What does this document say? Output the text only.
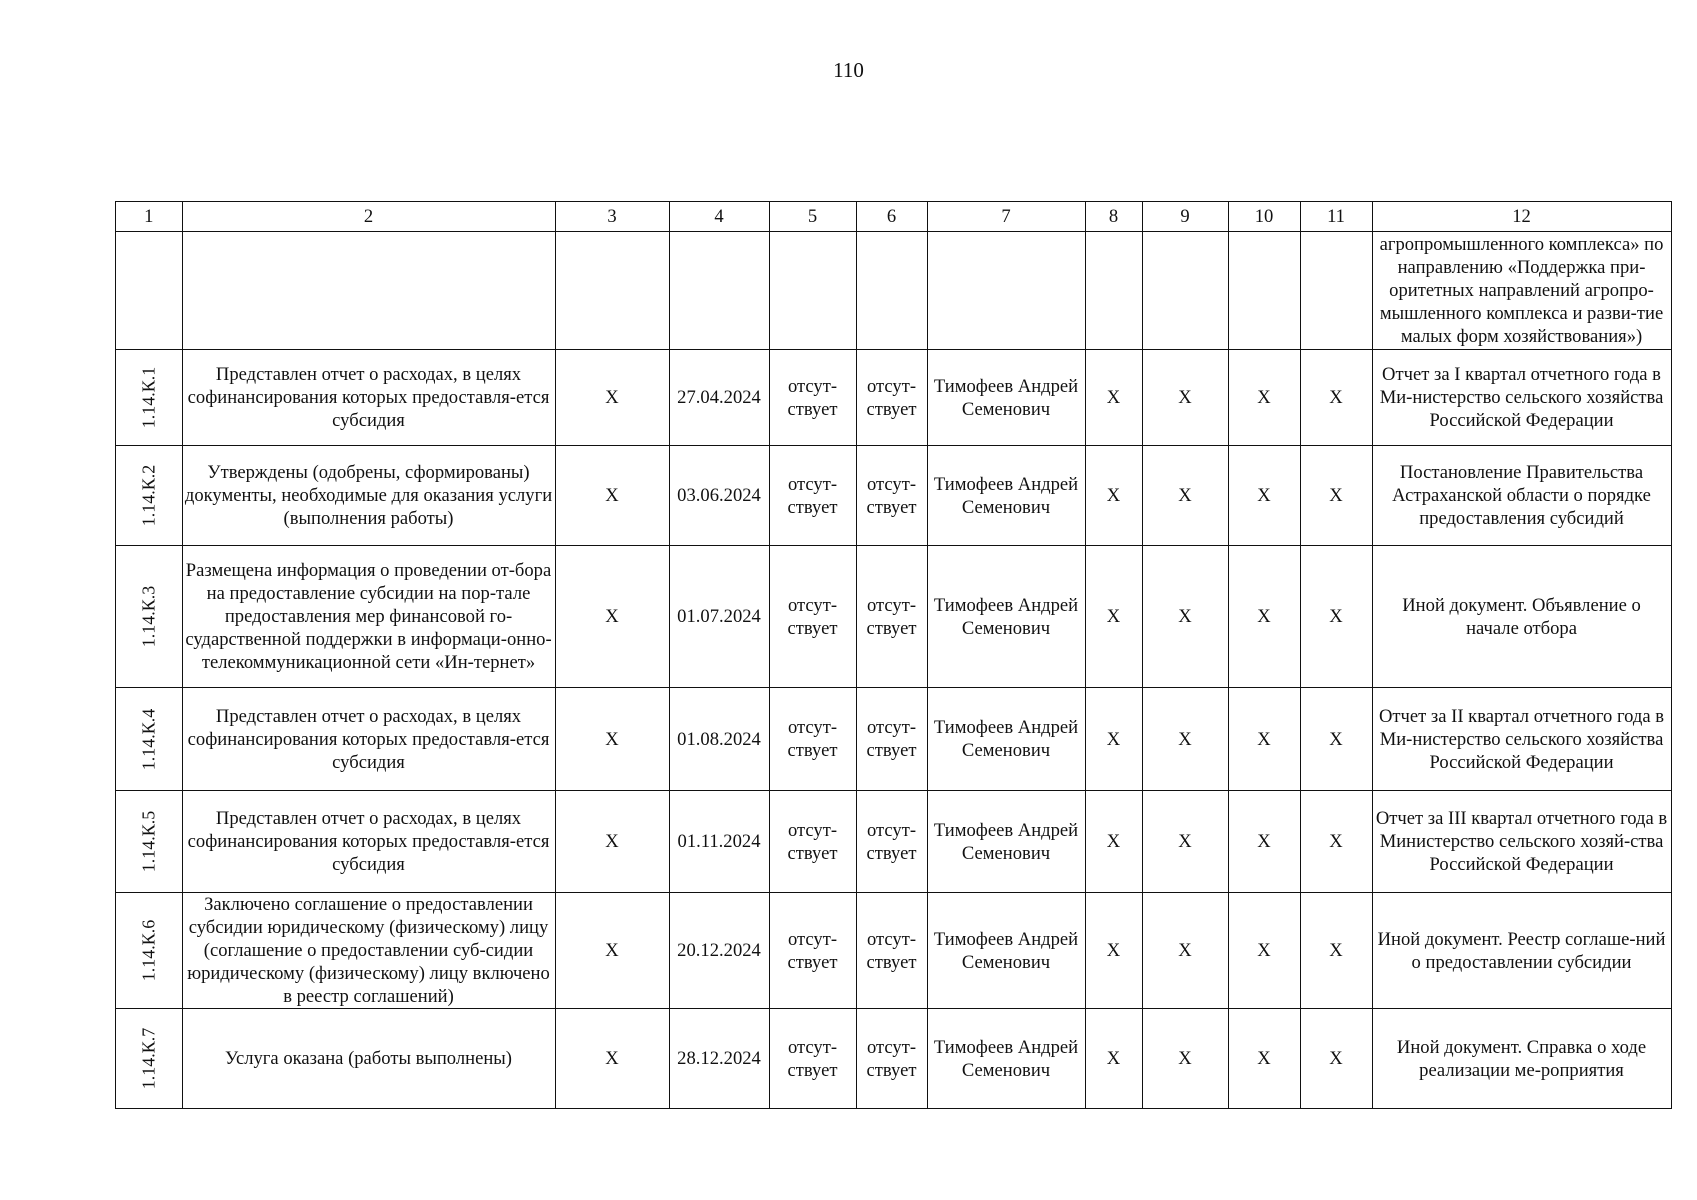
110
1	2	3	4	5	6	7	8	9	10	11	12
											агропромышленного комплекса» по направлению «Поддержка при-оритетных направлений агропро-мышленного комплекса и разви-тие малых форм хозяйствования»)
1.14.К.1	Представлен отчет о расходах, в целях софинансирования которых предоставля-ется субсидия	Х	27.04.2024	отсут-ствует	отсут-ствует	Тимофеев Андрей Семенович	Х	Х	Х	Х	Отчет за I квартал отчетного года в Ми-нистерство сельского хозяйства Российской Федерации
1.14.К.2	Утверждены (одобрены, сформированы) документы, необходимые для оказания услуги (выполнения работы)	Х	03.06.2024	отсут-ствует	отсут-ствует	Тимофеев Андрей Семенович	Х	Х	Х	Х	Постановление Правительства Астраханской области о порядке предоставления субсидий
1.14.К.3	Размещена информация о проведении от-бора на предоставление субсидии на пор-тале предоставления мер финансовой го-сударственной поддержки в информаци-онно-телекоммуникационной сети «Ин-тернет»	Х	01.07.2024	отсут-ствует	отсут-ствует	Тимофеев Андрей Семенович	Х	Х	Х	Х	Иной документ. Объявление о начале отбора
1.14.К.4	Представлен отчет о расходах, в целях софинансирования которых предоставля-ется субсидия	Х	01.08.2024	отсут-ствует	отсут-ствует	Тимофеев Андрей Семенович	Х	Х	Х	Х	Отчет за II квартал отчетного года в Ми-нистерство сельского хозяйства Российской Федерации
1.14.К.5	Представлен отчет о расходах, в целях софинансирования которых предоставля-ется субсидия	Х	01.11.2024	отсут-ствует	отсут-ствует	Тимофеев Андрей Семенович	Х	Х	Х	Х	Отчет за III квартал отчетного года в Министерство сельского хозяй-ства Российской Федерации
1.14.К.6	Заключено соглашение о предоставлении субсидии юридическому (физическому) лицу (соглашение о предоставлении суб-сидии юридическому (физическому) лицу включено в реестр соглашений)	Х	20.12.2024	отсут-ствует	отсут-ствует	Тимофеев Андрей Семенович	Х	Х	Х	Х	Иной документ. Реестр соглаше-ний о предоставлении субсидии
1.14.К.7	Услуга оказана (работы выполнены)	Х	28.12.2024	отсут-ствует	отсут-ствует	Тимофеев Андрей Семенович	Х	Х	Х	Х	Иной документ. Справка о ходе реализации ме-роприятия
